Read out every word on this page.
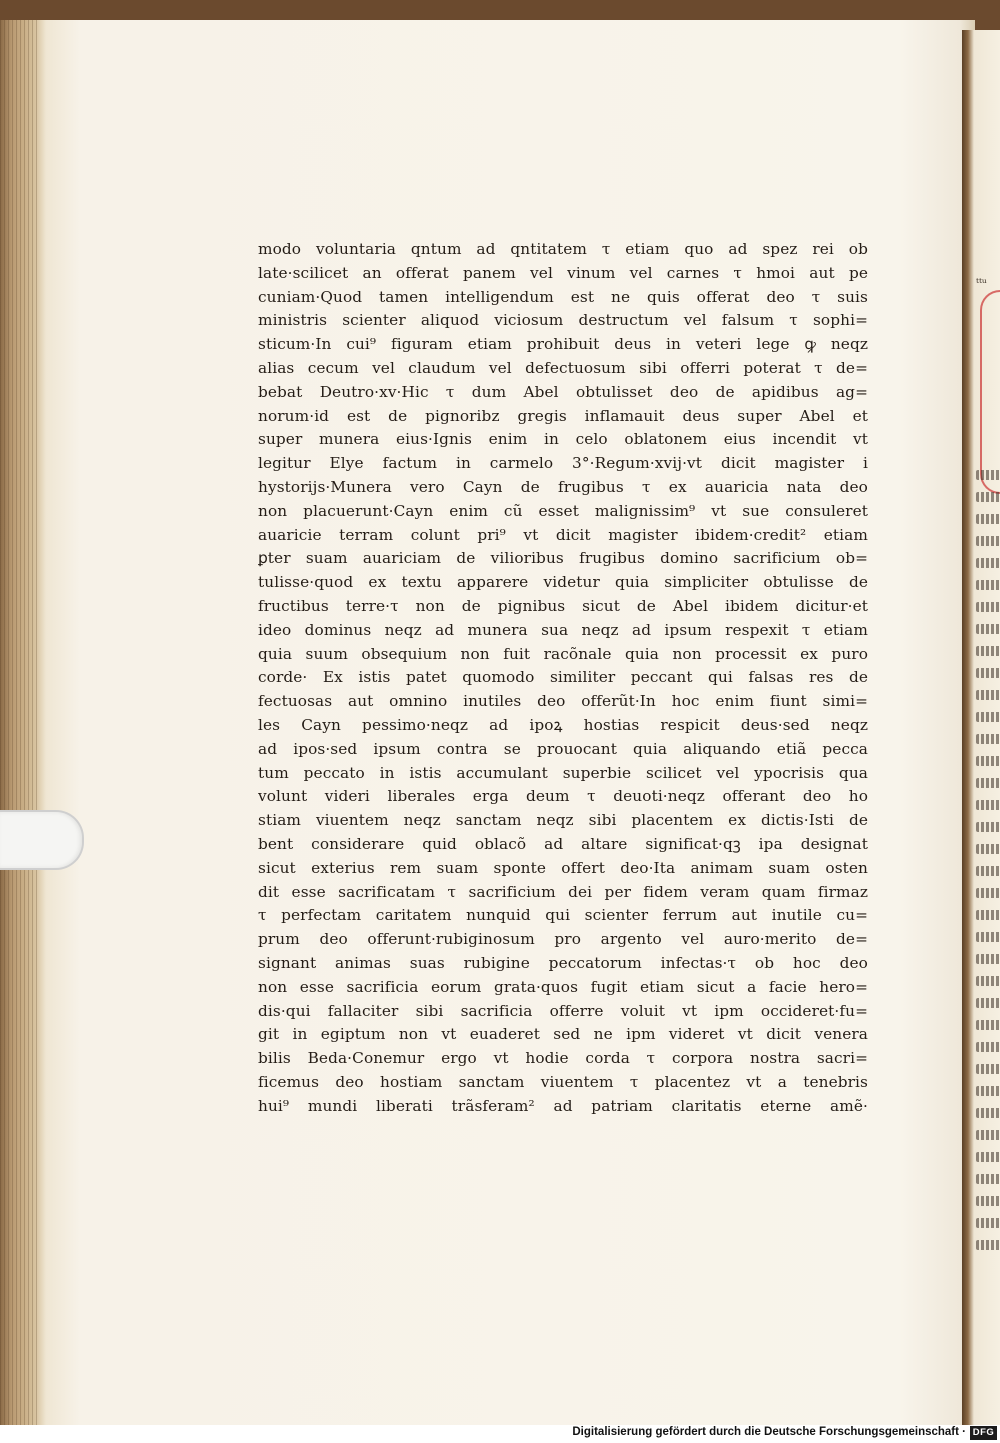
ᵗᵗᵘ
modo voluntaria qntum ad qntitatem τ etiam quo ad spez rei ob
late·scilicet an offerat panem vel vinum vel carnes τ hmoi aut pe
cuniam·Quod tamen intelligendum est ne quis offerat deo τ suis
ministris scienter aliquod viciosum destructum vel falsum τ sophi=
sticum·In cui⁹ figuram etiam prohibuit deus in veteri lege ꝙ neqz
alias cecum vel claudum vel defectuosum sibi offerri poterat τ de=
bebat Deutro·xv·Hic τ dum Abel obtulisset deo de apidibus ag=
norum·id est de pignoribz gregis inflamauit deus super Abel et
super munera eius·Ignis enim in celo oblatonem eius incendit vt
legitur Elye factum in carmelo 3°·Regum·xvij·vt dicit magister i
hystorijs·Munera vero Cayn de frugibus τ ex auaricia nata deo
non placuerunt·Cayn enim cũ esset malignissim⁹ vt sue consuleret
auaricie terram colunt pri⁹ vt dicit magister ibidem·credit² etiam
ꝑter suam auariciam de vilioribus frugibus domino sacrificium ob=
tulisse·quod ex textu apparere videtur quia simpliciter obtulisse de
fructibus terre·τ non de pignibus sicut de Abel ibidem dicitur·et
ideo dominus neqz ad munera sua neqz ad ipsum respexit τ etiam
quia suum obsequium non fuit racõnale quia non processit ex puro
corde· Ex istis patet quomodo similiter peccant qui falsas res de
fectuosas aut omnino inutiles deo offerũt·In hoc enim fiunt simi=
les Cayn pessimo·neqz ad ipoꝝ hostias respicit deus·sed neqz
ad ipos·sed ipsum contra se prouocant quia aliquando etiã pecca
tum peccato in istis accumulant superbie scilicet vel ypocrisis qua
volunt videri liberales erga deum τ deuoti·neqz offerant deo ho
stiam viuentem neqz sanctam neqz sibi placentem ex dictis·Isti de
bent considerare quid oblacõ ad altare significat·qꝫ ipa designat
sicut exterius rem suam sponte offert deo·Ita animam suam osten
dit esse sacrificatam τ sacrificium dei per fidem veram quam firmaz
τ perfectam caritatem nunquid qui scienter ferrum aut inutile cu=
prum deo offerunt·rubiginosum pro argento vel auro·merito de=
signant animas suas rubigine peccatorum infectas·τ ob hoc deo
non esse sacrificia eorum grata·quos fugit etiam sicut a facie hero=
dis·qui fallaciter sibi sacrificia offerre voluit vt ipm occideret·fu=
git in egiptum non vt euaderet sed ne ipm videret vt dicit venera
bilis Beda·Conemur ergo vt hodie corda τ corpora nostra sacri=
ficemus deo hostiam sanctam viuentem τ placentez vt a tenebris
hui⁹ mundi liberati trãsferam² ad patriam claritatis eterne amẽ·
Digitalisierung gefördert durch die Deutsche Forschungsgemeinschaft · DFG
